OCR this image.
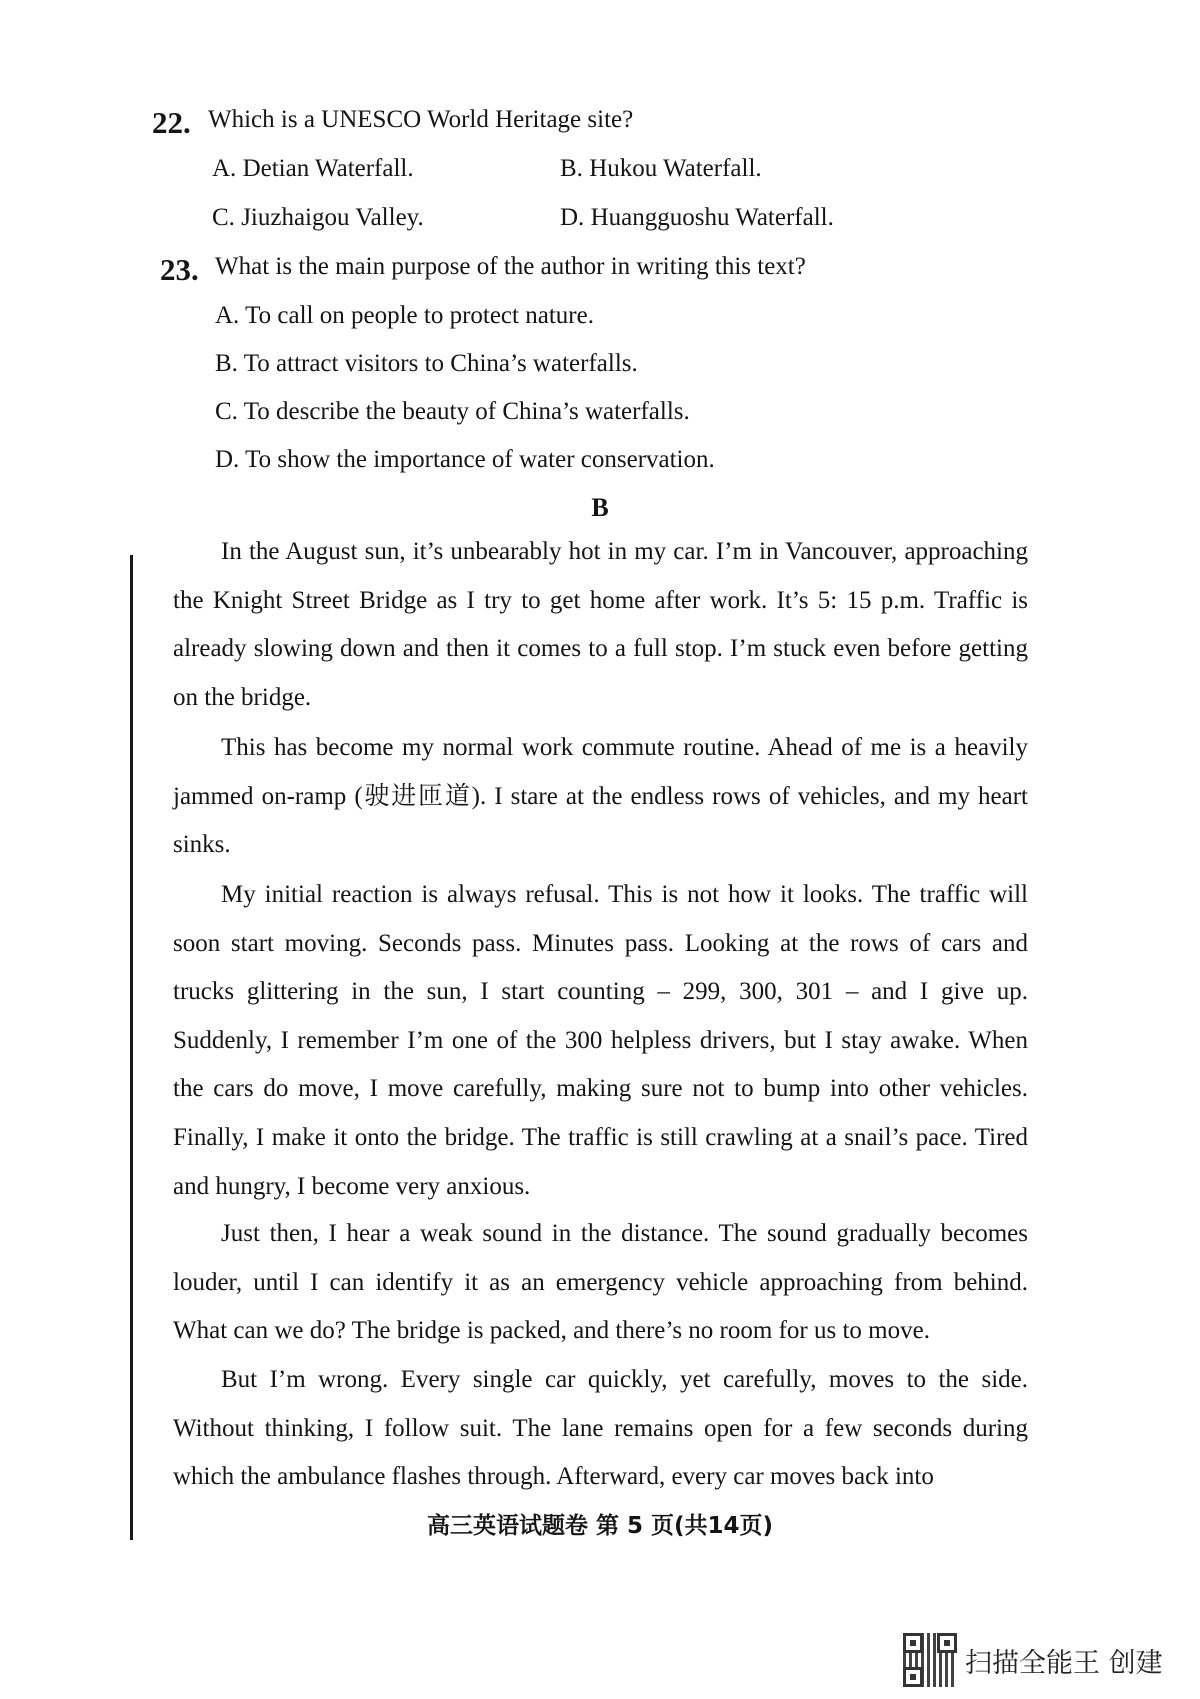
22. Which is a UNESCO World Heritage site?
A. Detian Waterfall.	B. Hukou Waterfall.
C. Jiuzhaigou Valley.	D. Huangguoshu Waterfall.
23. What is the main purpose of the author in writing this text?
A. To call on people to protect nature.
B. To attract visitors to China’s waterfalls.
C. To describe the beauty of China’s waterfalls.
D. To show the importance of water conservation.
B

In the August sun, it’s unbearably hot in my car. I’m in Vancouver, approaching the Knight Street Bridge as I try to get home after work. It’s 5: 15 p.m. Traffic is already slowing down and then it comes to a full stop. I’m stuck even before getting on the bridge.

This has become my normal work commute routine. Ahead of me is a heavily jammed on-ramp (驶进匝道). I stare at the endless rows of vehicles, and my heart sinks.

My initial reaction is always refusal. This is not how it looks. The traffic will soon start moving. Seconds pass. Minutes pass. Looking at the rows of cars and trucks glittering in the sun, I start counting – 299, 300, 301 – and I give up. Suddenly, I remember I’m one of the 300 helpless drivers, but I stay awake. When the cars do move, I move carefully, making sure not to bump into other vehicles. Finally, I make it onto the bridge. The traffic is still crawling at a snail’s pace. Tired and hungry, I become very anxious.

Just then, I hear a weak sound in the distance. The sound gradually becomes louder, until I can identify it as an emergency vehicle approaching from behind. What can we do? The bridge is packed, and there’s no room for us to move.

But I’m wrong. Every single car quickly, yet carefully, moves to the side. Without thinking, I follow suit. The lane remains open for a few seconds during which the ambulance flashes through. Afterward, every car moves back into

高三英语试题卷 第 5 页(共14页)
扫描全能王 创建
